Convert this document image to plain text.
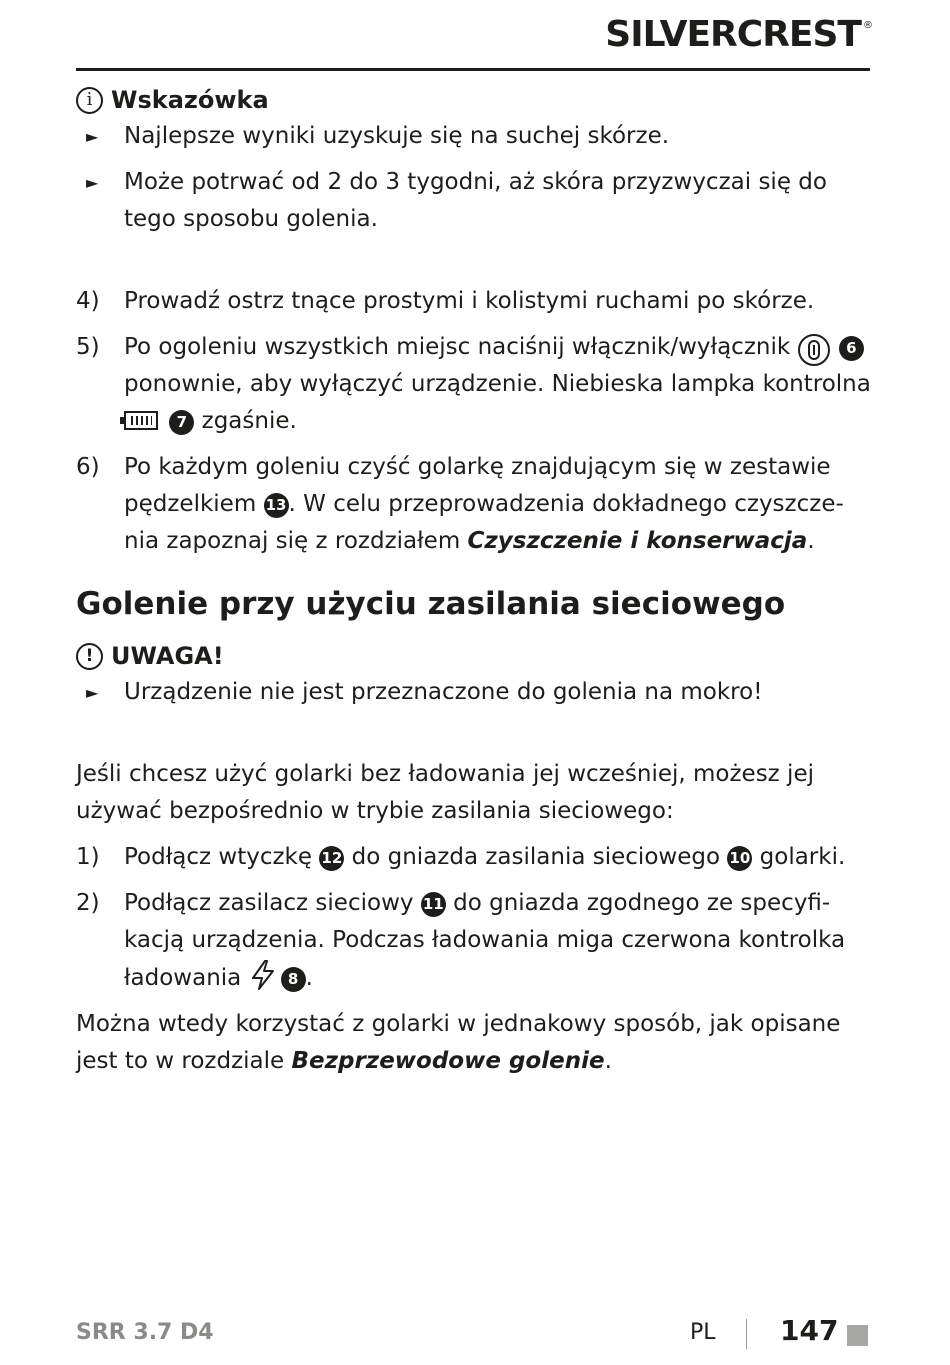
SILVERCREST ®
i Wskazówka

► Najlepsze wyniki uzyskuje się na suchej skórze.

► Może potrwać od 2 do 3 tygodni, aż skóra przyzwyczai się do tego sposobu golenia.

4) Prowadź ostrz tnące prostymi i kolistymi ruchami po skórze.

5) Po ogoleniu wszystkich miejsc naciśnij włącznik/wyłącznik	6 ponownie, aby wyłączyć urządzenie. Niebieska lampka kontrolna  7 zgaśnie.

6) Po każdym goleniu czyść golarkę znajdującym się w zestawie pędzelkiem 13. W celu przeprowadzenia dokładnego czyszcze-nia zapoznaj się z rozdziałem Czyszczenie i konserwacja.

Golenie przy użyciu zasilania sieciowego
! UWAGA!

► Urządzenie nie jest przeznaczone do golenia na mokro!

Jeśli chcesz użyć golarki bez ładowania jej wcześniej, możesz jej używać bezpośrednio w trybie zasilania sieciowego:

1) Podłącz wtyczkę 12 do gniazda zasilania sieciowego 10 golarki.

2) Podłącz zasilacz sieciowy 11 do gniazda zgodnego ze specyfi-kacją urządzenia. Podczas ładowania miga czerwona kontrolka ładowania	8 .

Można wtedy korzystać z golarki w jednakowy sposób, jak opisane jest to w rozdziale Bezprzewodowe golenie.

SRR 3.7 D4	PL 147
